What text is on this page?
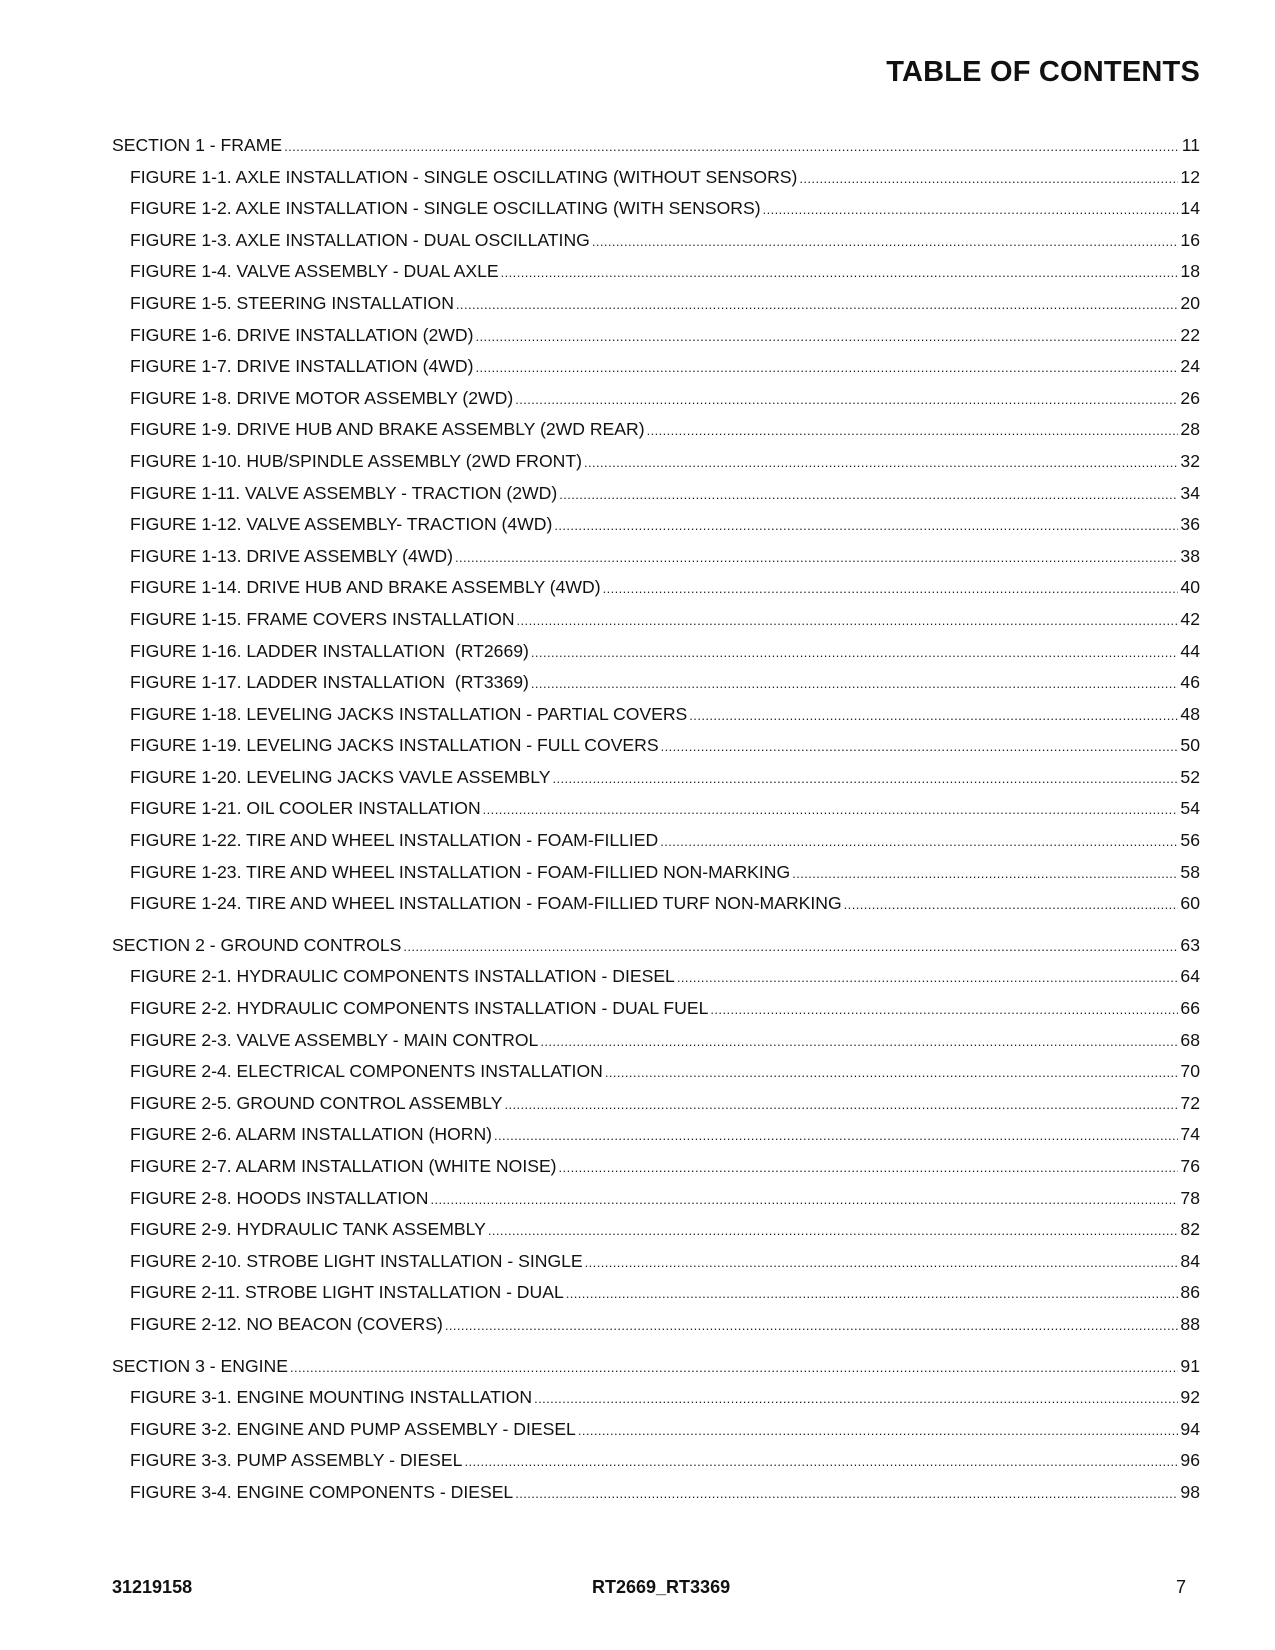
TABLE OF CONTENTS
SECTION 1 - FRAME .....	11
FIGURE 1-1. AXLE INSTALLATION - SINGLE OSCILLATING (WITHOUT SENSORS) .....	12
FIGURE 1-2. AXLE INSTALLATION - SINGLE OSCILLATING (WITH SENSORS) .....	14
FIGURE 1-3. AXLE INSTALLATION - DUAL OSCILLATING .....	16
FIGURE 1-4. VALVE ASSEMBLY - DUAL AXLE .....	18
FIGURE 1-5. STEERING INSTALLATION .....	20
FIGURE 1-6. DRIVE INSTALLATION (2WD) .....	22
FIGURE 1-7. DRIVE INSTALLATION (4WD) .....	24
FIGURE 1-8. DRIVE MOTOR ASSEMBLY (2WD) .....	26
FIGURE 1-9. DRIVE HUB AND BRAKE ASSEMBLY (2WD REAR) .....	28
FIGURE 1-10. HUB/SPINDLE ASSEMBLY (2WD FRONT) .....	32
FIGURE 1-11. VALVE ASSEMBLY - TRACTION (2WD) .....	34
FIGURE 1-12. VALVE ASSEMBLY- TRACTION (4WD) .....	36
FIGURE 1-13. DRIVE ASSEMBLY (4WD) .....	38
FIGURE 1-14. DRIVE HUB AND BRAKE ASSEMBLY (4WD) .....	40
FIGURE 1-15. FRAME COVERS INSTALLATION .....	42
FIGURE 1-16. LADDER INSTALLATION  (RT2669) .....	44
FIGURE 1-17. LADDER INSTALLATION  (RT3369) .....	46
FIGURE 1-18. LEVELING JACKS INSTALLATION - PARTIAL COVERS .....	48
FIGURE 1-19. LEVELING JACKS INSTALLATION - FULL COVERS .....	50
FIGURE 1-20. LEVELING JACKS VAVLE ASSEMBLY .....	52
FIGURE 1-21. OIL COOLER INSTALLATION .....	54
FIGURE 1-22. TIRE AND WHEEL INSTALLATION - FOAM-FILLIED .....	56
FIGURE 1-23. TIRE AND WHEEL INSTALLATION - FOAM-FILLIED NON-MARKING .....	58
FIGURE 1-24. TIRE AND WHEEL INSTALLATION - FOAM-FILLIED TURF NON-MARKING .....	60
SECTION 2 - GROUND CONTROLS .....	63
FIGURE 2-1. HYDRAULIC COMPONENTS INSTALLATION - DIESEL .....	64
FIGURE 2-2. HYDRAULIC COMPONENTS INSTALLATION - DUAL FUEL .....	66
FIGURE 2-3. VALVE ASSEMBLY - MAIN CONTROL .....	68
FIGURE 2-4. ELECTRICAL COMPONENTS INSTALLATION .....	70
FIGURE 2-5. GROUND CONTROL ASSEMBLY .....	72
FIGURE 2-6. ALARM INSTALLATION (HORN) .....	74
FIGURE 2-7. ALARM INSTALLATION (WHITE NOISE) .....	76
FIGURE 2-8. HOODS INSTALLATION .....	78
FIGURE 2-9. HYDRAULIC TANK ASSEMBLY .....	82
FIGURE 2-10. STROBE LIGHT INSTALLATION - SINGLE .....	84
FIGURE 2-11. STROBE LIGHT INSTALLATION - DUAL .....	86
FIGURE 2-12. NO BEACON (COVERS) .....	88
SECTION 3 - ENGINE .....	91
FIGURE 3-1. ENGINE MOUNTING INSTALLATION .....	92
FIGURE 3-2. ENGINE AND PUMP ASSEMBLY - DIESEL .....	94
FIGURE 3-3. PUMP ASSEMBLY - DIESEL .....	96
FIGURE 3-4. ENGINE COMPONENTS - DIESEL .....	98
31219158	RT2669_RT3369	7
